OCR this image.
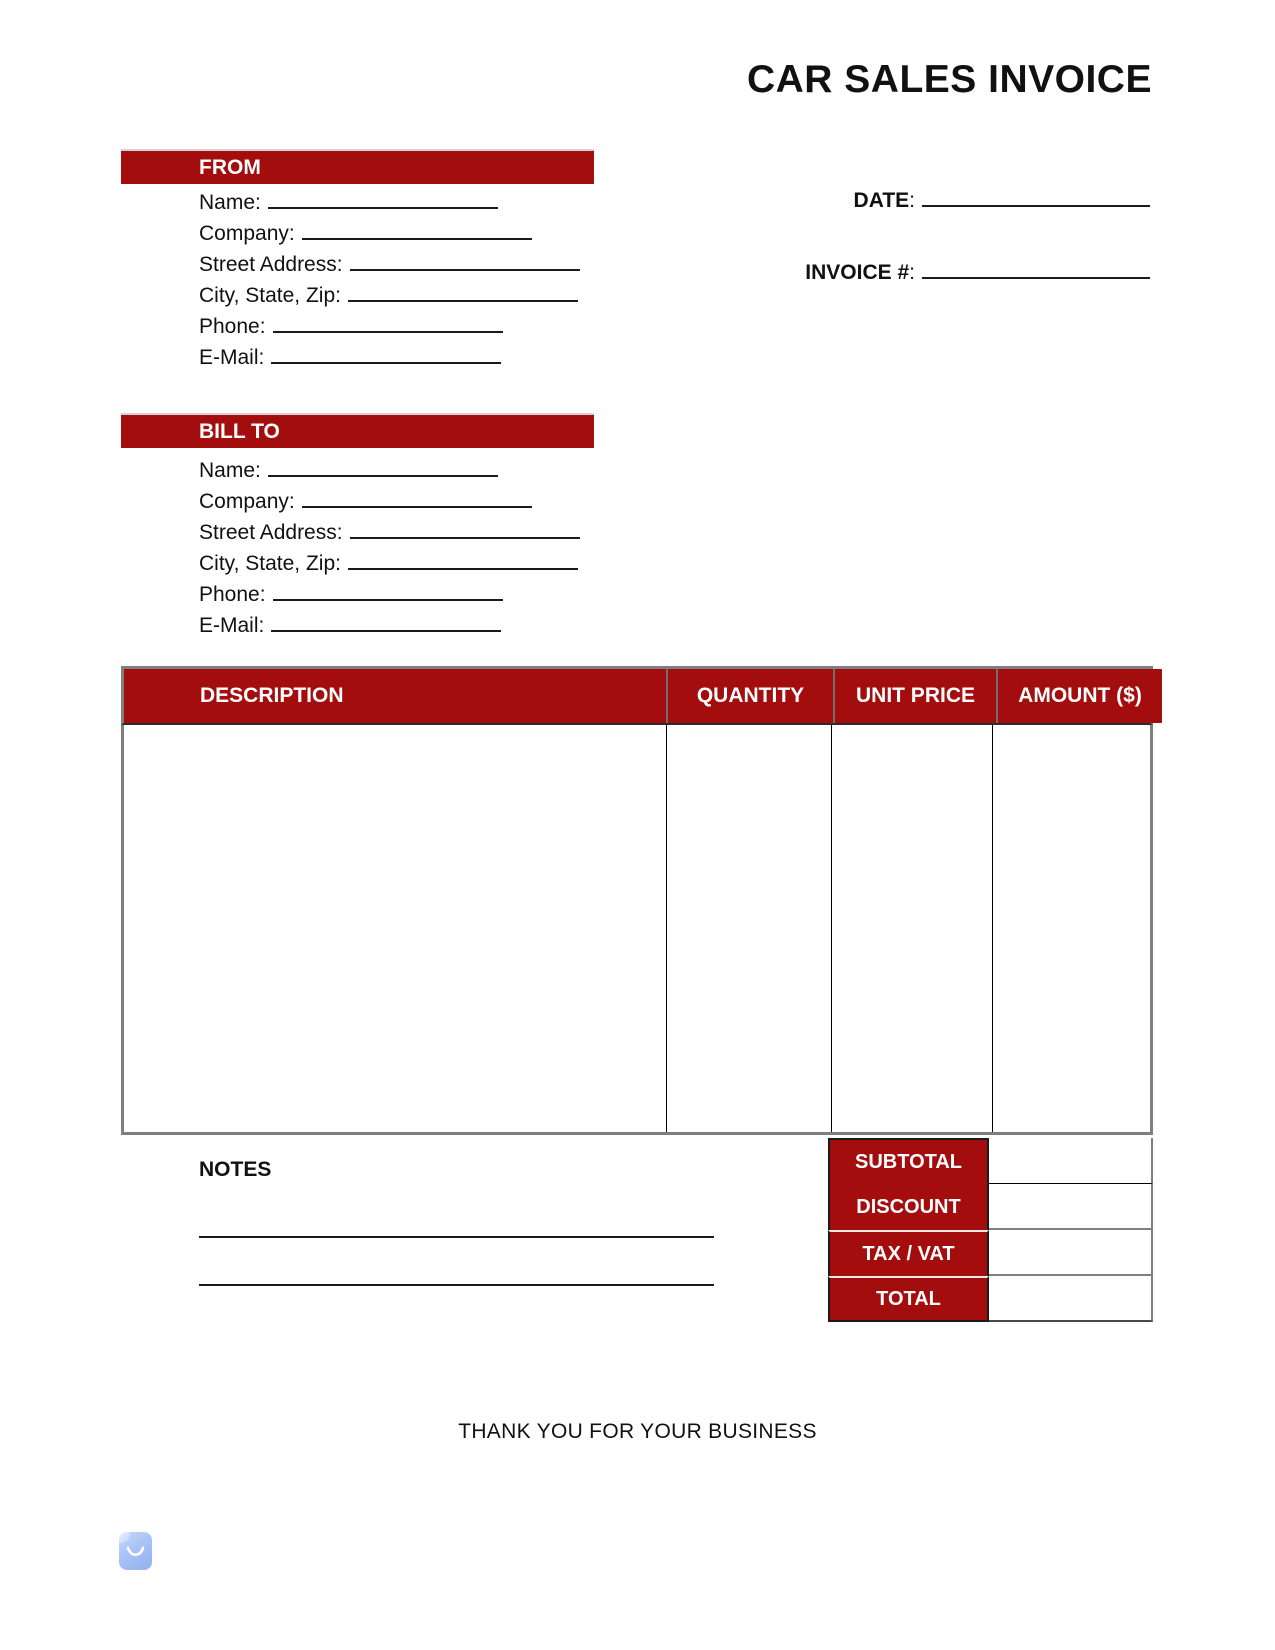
CAR SALES INVOICE
FROM
Name:
Company:
Street Address:
City, State, Zip:
Phone:
E-Mail:
DATE:
INVOICE #:
BILL TO
Name:
Company:
Street Address:
City, State, Zip:
Phone:
E-Mail:
DESCRIPTION	QUANTITY	UNIT PRICE	AMOUNT ($)
SUBTOTAL
DISCOUNT
TAX / VAT
TOTAL
NOTES
THANK YOU FOR YOUR BUSINESS
